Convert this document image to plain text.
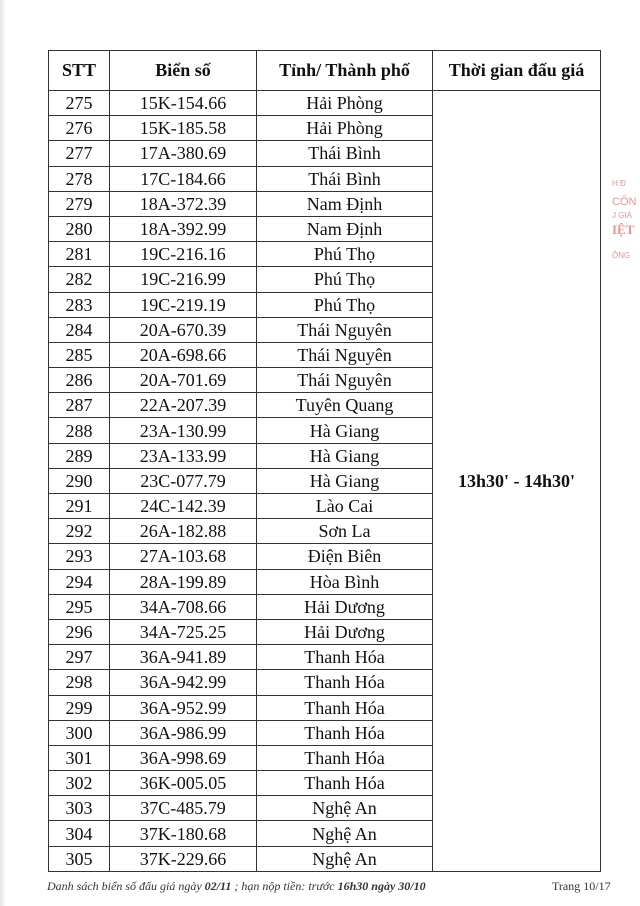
STT	Biển số	Tỉnh/ Thành phố	Thời gian đấu giá
275	15K-154.66	Hải Phòng	13h30' - 14h30'
276	15K-185.58	Hải Phòng	
277	17A-380.69	Thái Bình	
278	17C-184.66	Thái Bình	
279	18A-372.39	Nam Định	
280	18A-392.99	Nam Định	
281	19C-216.16	Phú Thọ	
282	19C-216.99	Phú Thọ	
283	19C-219.19	Phú Thọ	
284	20A-670.39	Thái Nguyên	
285	20A-698.66	Thái Nguyên	
286	20A-701.69	Thái Nguyên	
287	22A-207.39	Tuyên Quang	
288	23A-130.99	Hà Giang	
289	23A-133.99	Hà Giang	
290	23C-077.79	Hà Giang	
291	24C-142.39	Lào Cai	
292	26A-182.88	Sơn La	
293	27A-103.68	Điện Biên	
294	28A-199.89	Hòa Bình	
295	34A-708.66	Hải Dương	
296	34A-725.25	Hải Dương	
297	36A-941.89	Thanh Hóa	
298	36A-942.99	Thanh Hóa	
299	36A-952.99	Thanh Hóa	
300	36A-986.99	Thanh Hóa	
301	36A-998.69	Thanh Hóa	
302	36K-005.05	Thanh Hóa	
303	37C-485.79	Nghệ An	
304	37K-180.68	Nghệ An	
305	37K-229.66	Nghệ An	
Danh sách biển số đấu giá ngày 02/11 ; hạn nộp tiền: trước 16h30 ngày 30/10	Trang 10/17
H.Đ
CÔN
J GIÁ
IỆT
ÔNG
